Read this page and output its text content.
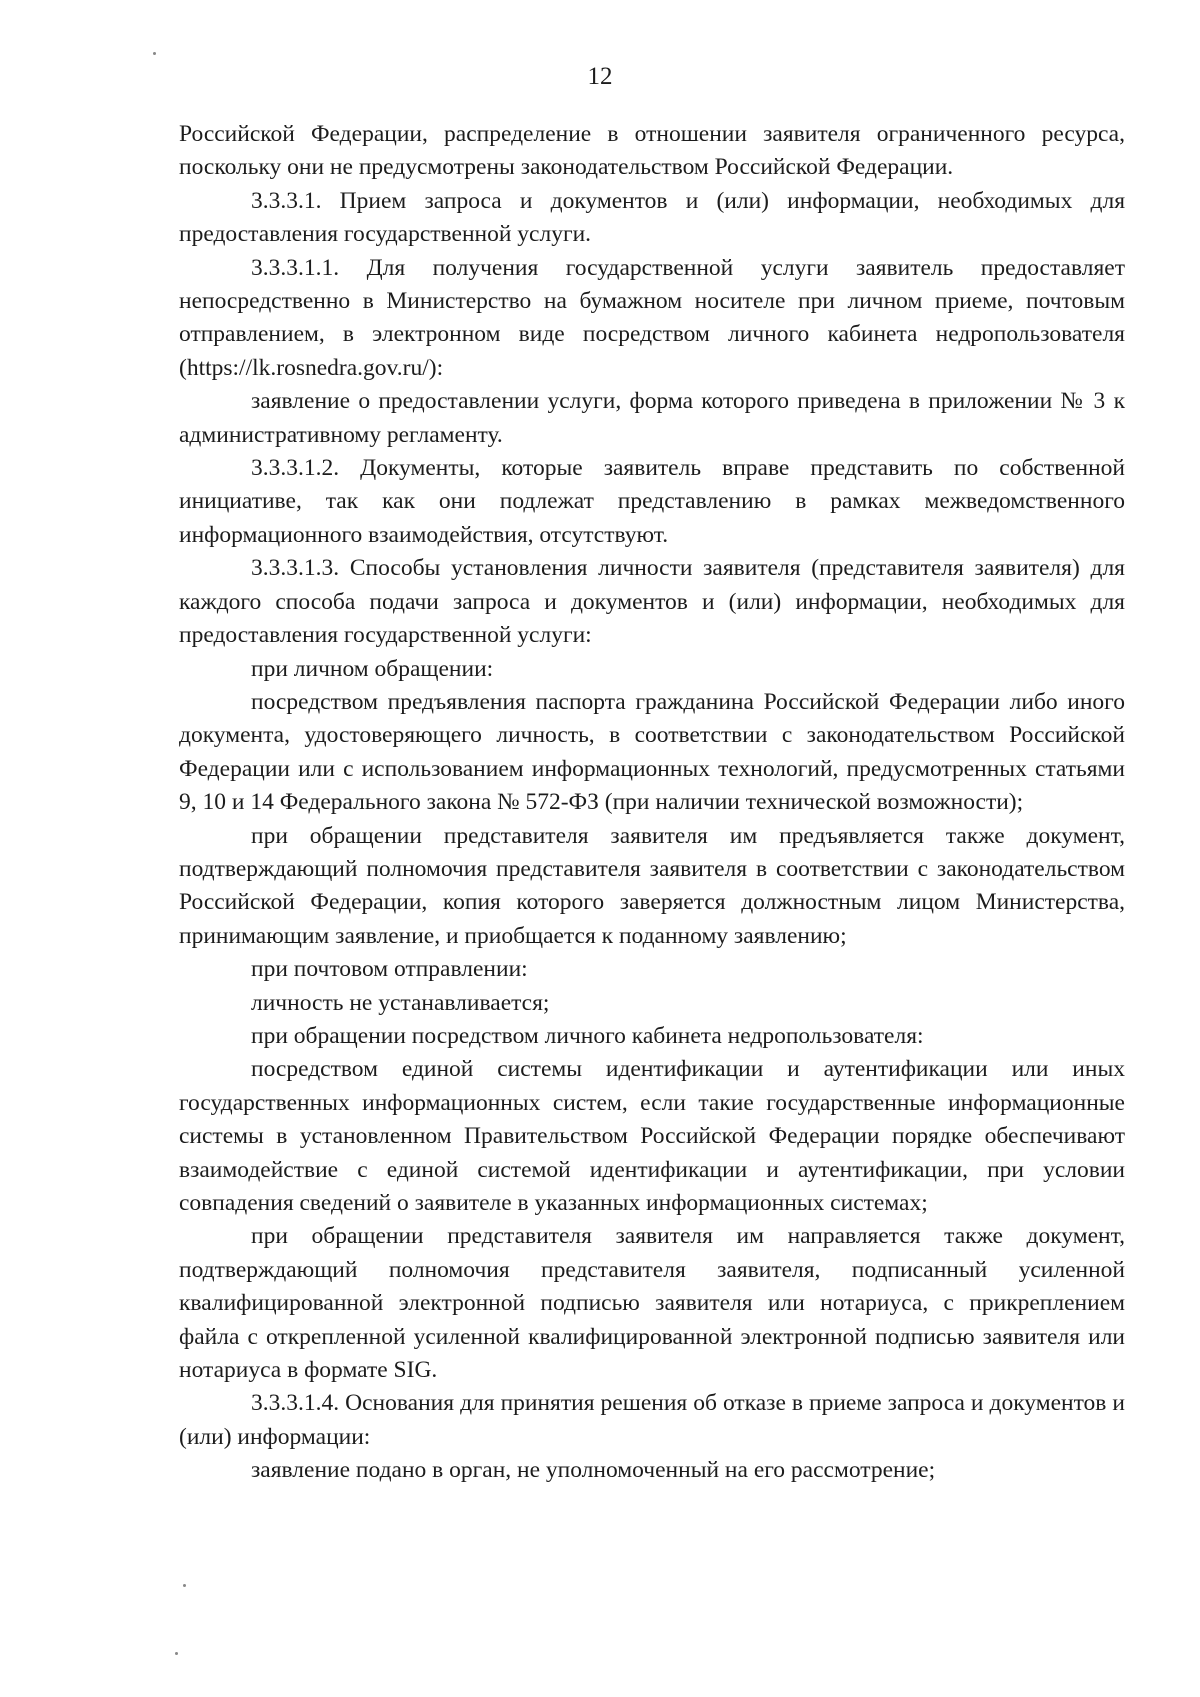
12

Российской Федерации, распределение в отношении заявителя ограниченного ресурса, поскольку они не предусмотрены законодательством Российской Федерации.

3.3.3.1. Прием запроса и документов и (или) информации, необходимых для предоставления государственной услуги.

3.3.3.1.1. Для получения государственной услуги заявитель предоставляет непосредственно в Министерство на бумажном носителе при личном приеме, почтовым отправлением, в электронном виде посредством личного кабинета недропользователя (https://lk.rosnedra.gov.ru/):

заявление о предоставлении услуги, форма которого приведена в приложении № 3 к административному регламенту.

3.3.3.1.2. Документы, которые заявитель вправе представить по собственной инициативе, так как они подлежат представлению в рамках межведомственного информационного взаимодействия, отсутствуют.

3.3.3.1.3. Способы установления личности заявителя (представителя заявителя) для каждого способа подачи запроса и документов и (или) информации, необходимых для предоставления государственной услуги:

при личном обращении:

посредством предъявления паспорта гражданина Российской Федерации либо иного документа, удостоверяющего личность, в соответствии с законодательством Российской Федерации или с использованием информационных технологий, предусмотренных статьями 9, 10 и 14 Федерального закона № 572-ФЗ (при наличии технической возможности);

при обращении представителя заявителя им предъявляется также документ, подтверждающий полномочия представителя заявителя в соответствии с законодательством Российской Федерации, копия которого заверяется должностным лицом Министерства, принимающим заявление, и приобщается к поданному заявлению;

при почтовом отправлении:

личность не устанавливается;

при обращении посредством личного кабинета недропользователя:

посредством единой системы идентификации и аутентификации или иных государственных информационных систем, если такие государственные информационные системы в установленном Правительством Российской Федерации порядке обеспечивают взаимодействие с единой системой идентификации и аутентификации, при условии совпадения сведений о заявителе в указанных информационных системах;

при обращении представителя заявителя им направляется также документ, подтверждающий полномочия представителя заявителя, подписанный усиленной квалифицированной электронной подписью заявителя или нотариуса, с прикреплением файла с открепленной усиленной квалифицированной электронной подписью заявителя или нотариуса в формате SIG.

3.3.3.1.4. Основания для принятия решения об отказе в приеме запроса и документов и (или) информации:

заявление подано в орган, не уполномоченный на его рассмотрение;
